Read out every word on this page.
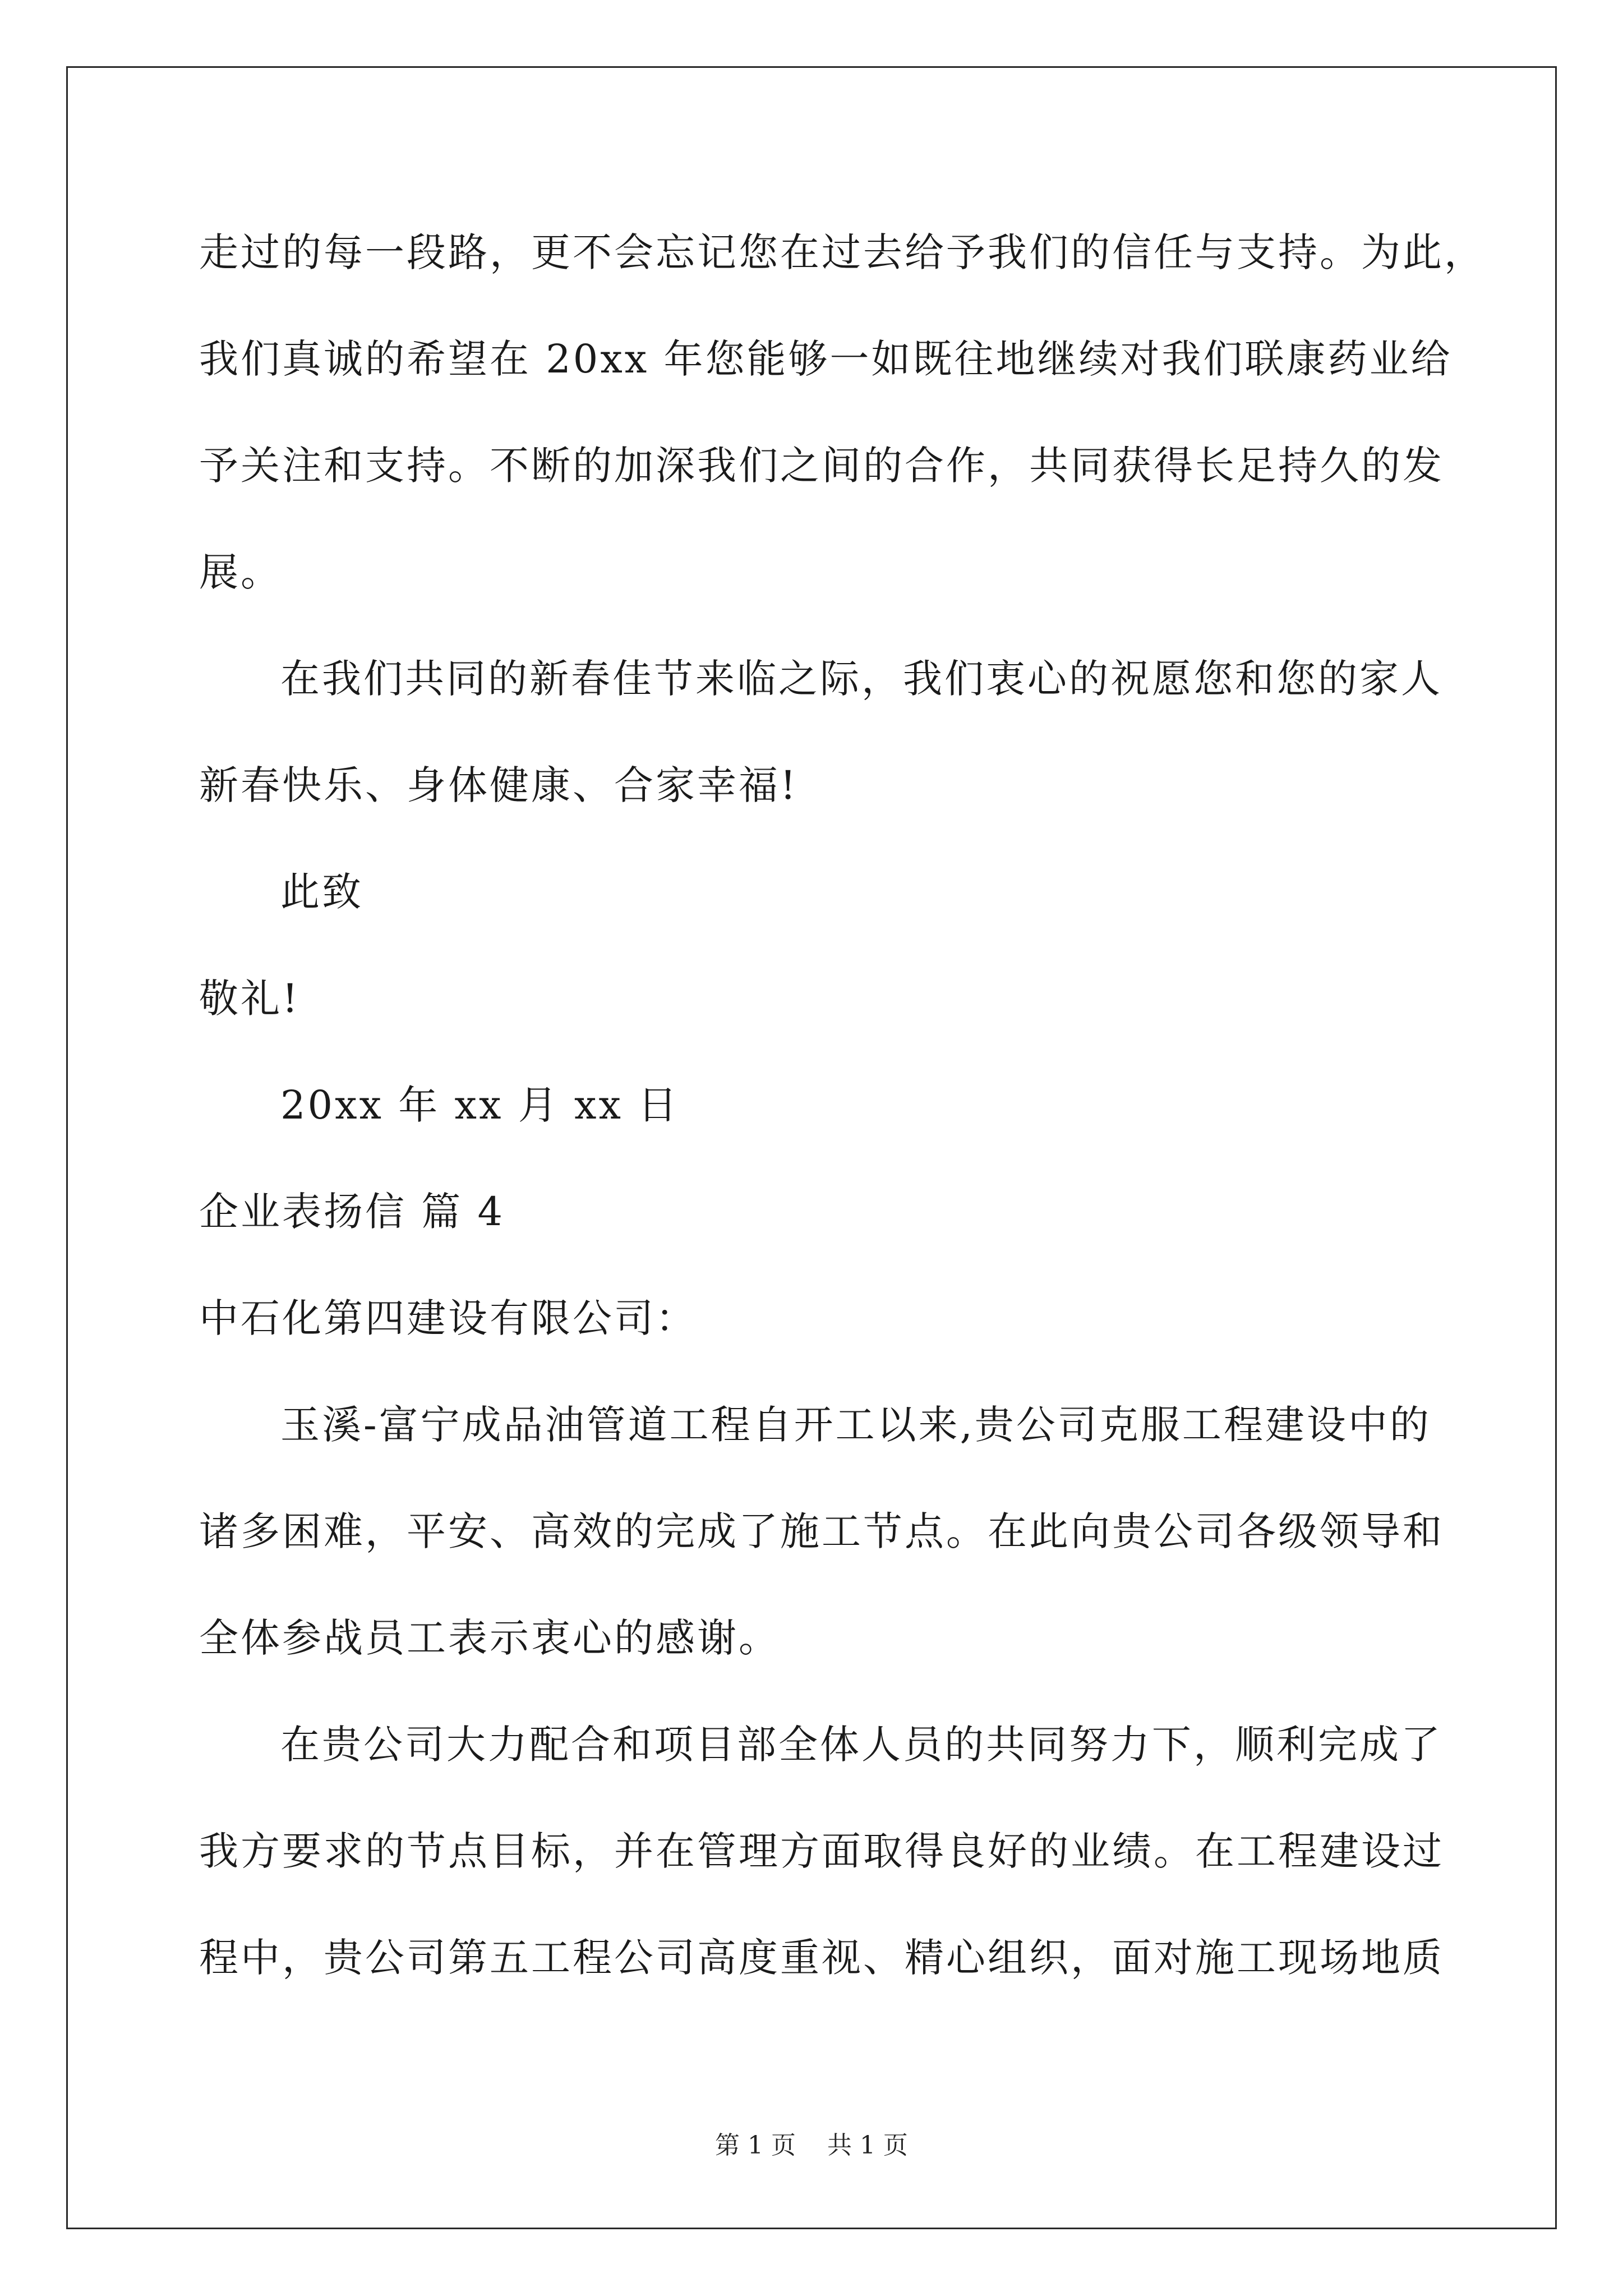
走过的每一段路，更不会忘记您在过去给予我们的信任与支持。为此，
我们真诚的希望在 20xx 年您能够一如既往地继续对我们联康药业给
予关注和支持。不断的加深我们之间的合作，共同获得长足持久的发
展。
在我们共同的新春佳节来临之际，我们衷心的祝愿您和您的家人
新春快乐、身体健康、合家幸福!
此致
敬礼!
20xx 年 xx 月 xx 日
企业表扬信 篇 4
中石化第四建设有限公司：
玉溪-富宁成品油管道工程自开工以来,贵公司克服工程建设中的
诸多困难，平安、高效的完成了施工节点。在此向贵公司各级领导和
全体参战员工表示衷心的感谢。
在贵公司大力配合和项目部全体人员的共同努力下，顺利完成了
我方要求的节点目标，并在管理方面取得良好的业绩。在工程建设过
程中，贵公司第五工程公司高度重视、精心组织，面对施工现场地质
第 1 页    共 1 页
